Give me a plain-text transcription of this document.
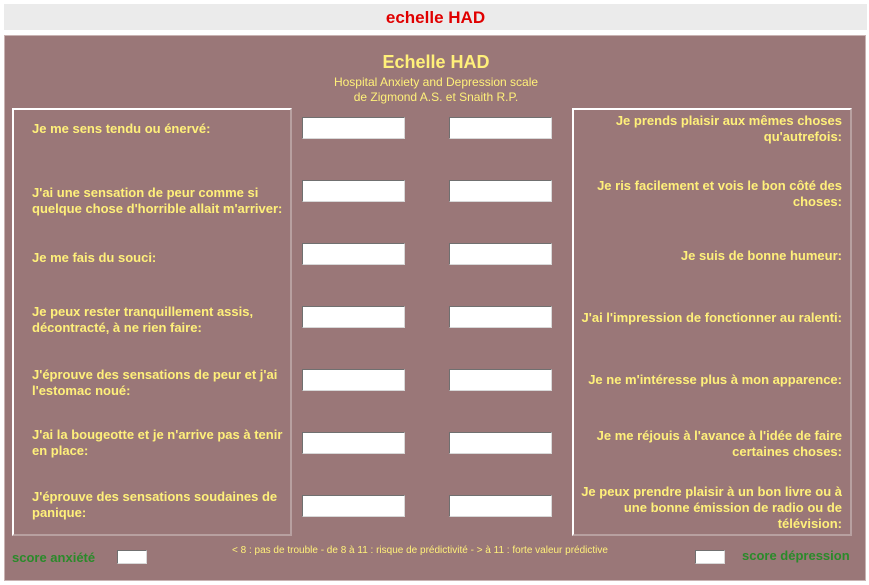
echelle HAD
Echelle HAD
Hospital Anxiety and Depression scale
de Zigmond A.S. et Snaith R.P.
Je me sens tendu ou énervé:
J'ai une sensation de peur comme si quelque chose d'horrible allait m'arriver:
Je me fais du souci:
Je peux rester tranquillement assis, décontracté, à ne rien faire:
J'éprouve des sensations de peur et j'ai l'estomac noué:
J'ai la bougeotte et je n'arrive pas à tenir en place:
J'éprouve des sensations soudaines de panique:
Je prends plaisir aux mêmes choses qu'autrefois:
Je ris facilement et vois le bon côté des choses:
Je suis de bonne humeur:
J'ai l'impression de fonctionner au ralenti:
Je ne m'intéresse plus à mon apparence:
Je me réjouis à l'avance à l'idée de faire certaines choses:
Je peux prendre plaisir à un bon livre ou à une bonne émission de radio ou de télévision:
score anxiété	< 8 : pas de trouble - de 8 à 11 : risque de prédictivité - > à 11 : forte valeur prédictive	score dépression
